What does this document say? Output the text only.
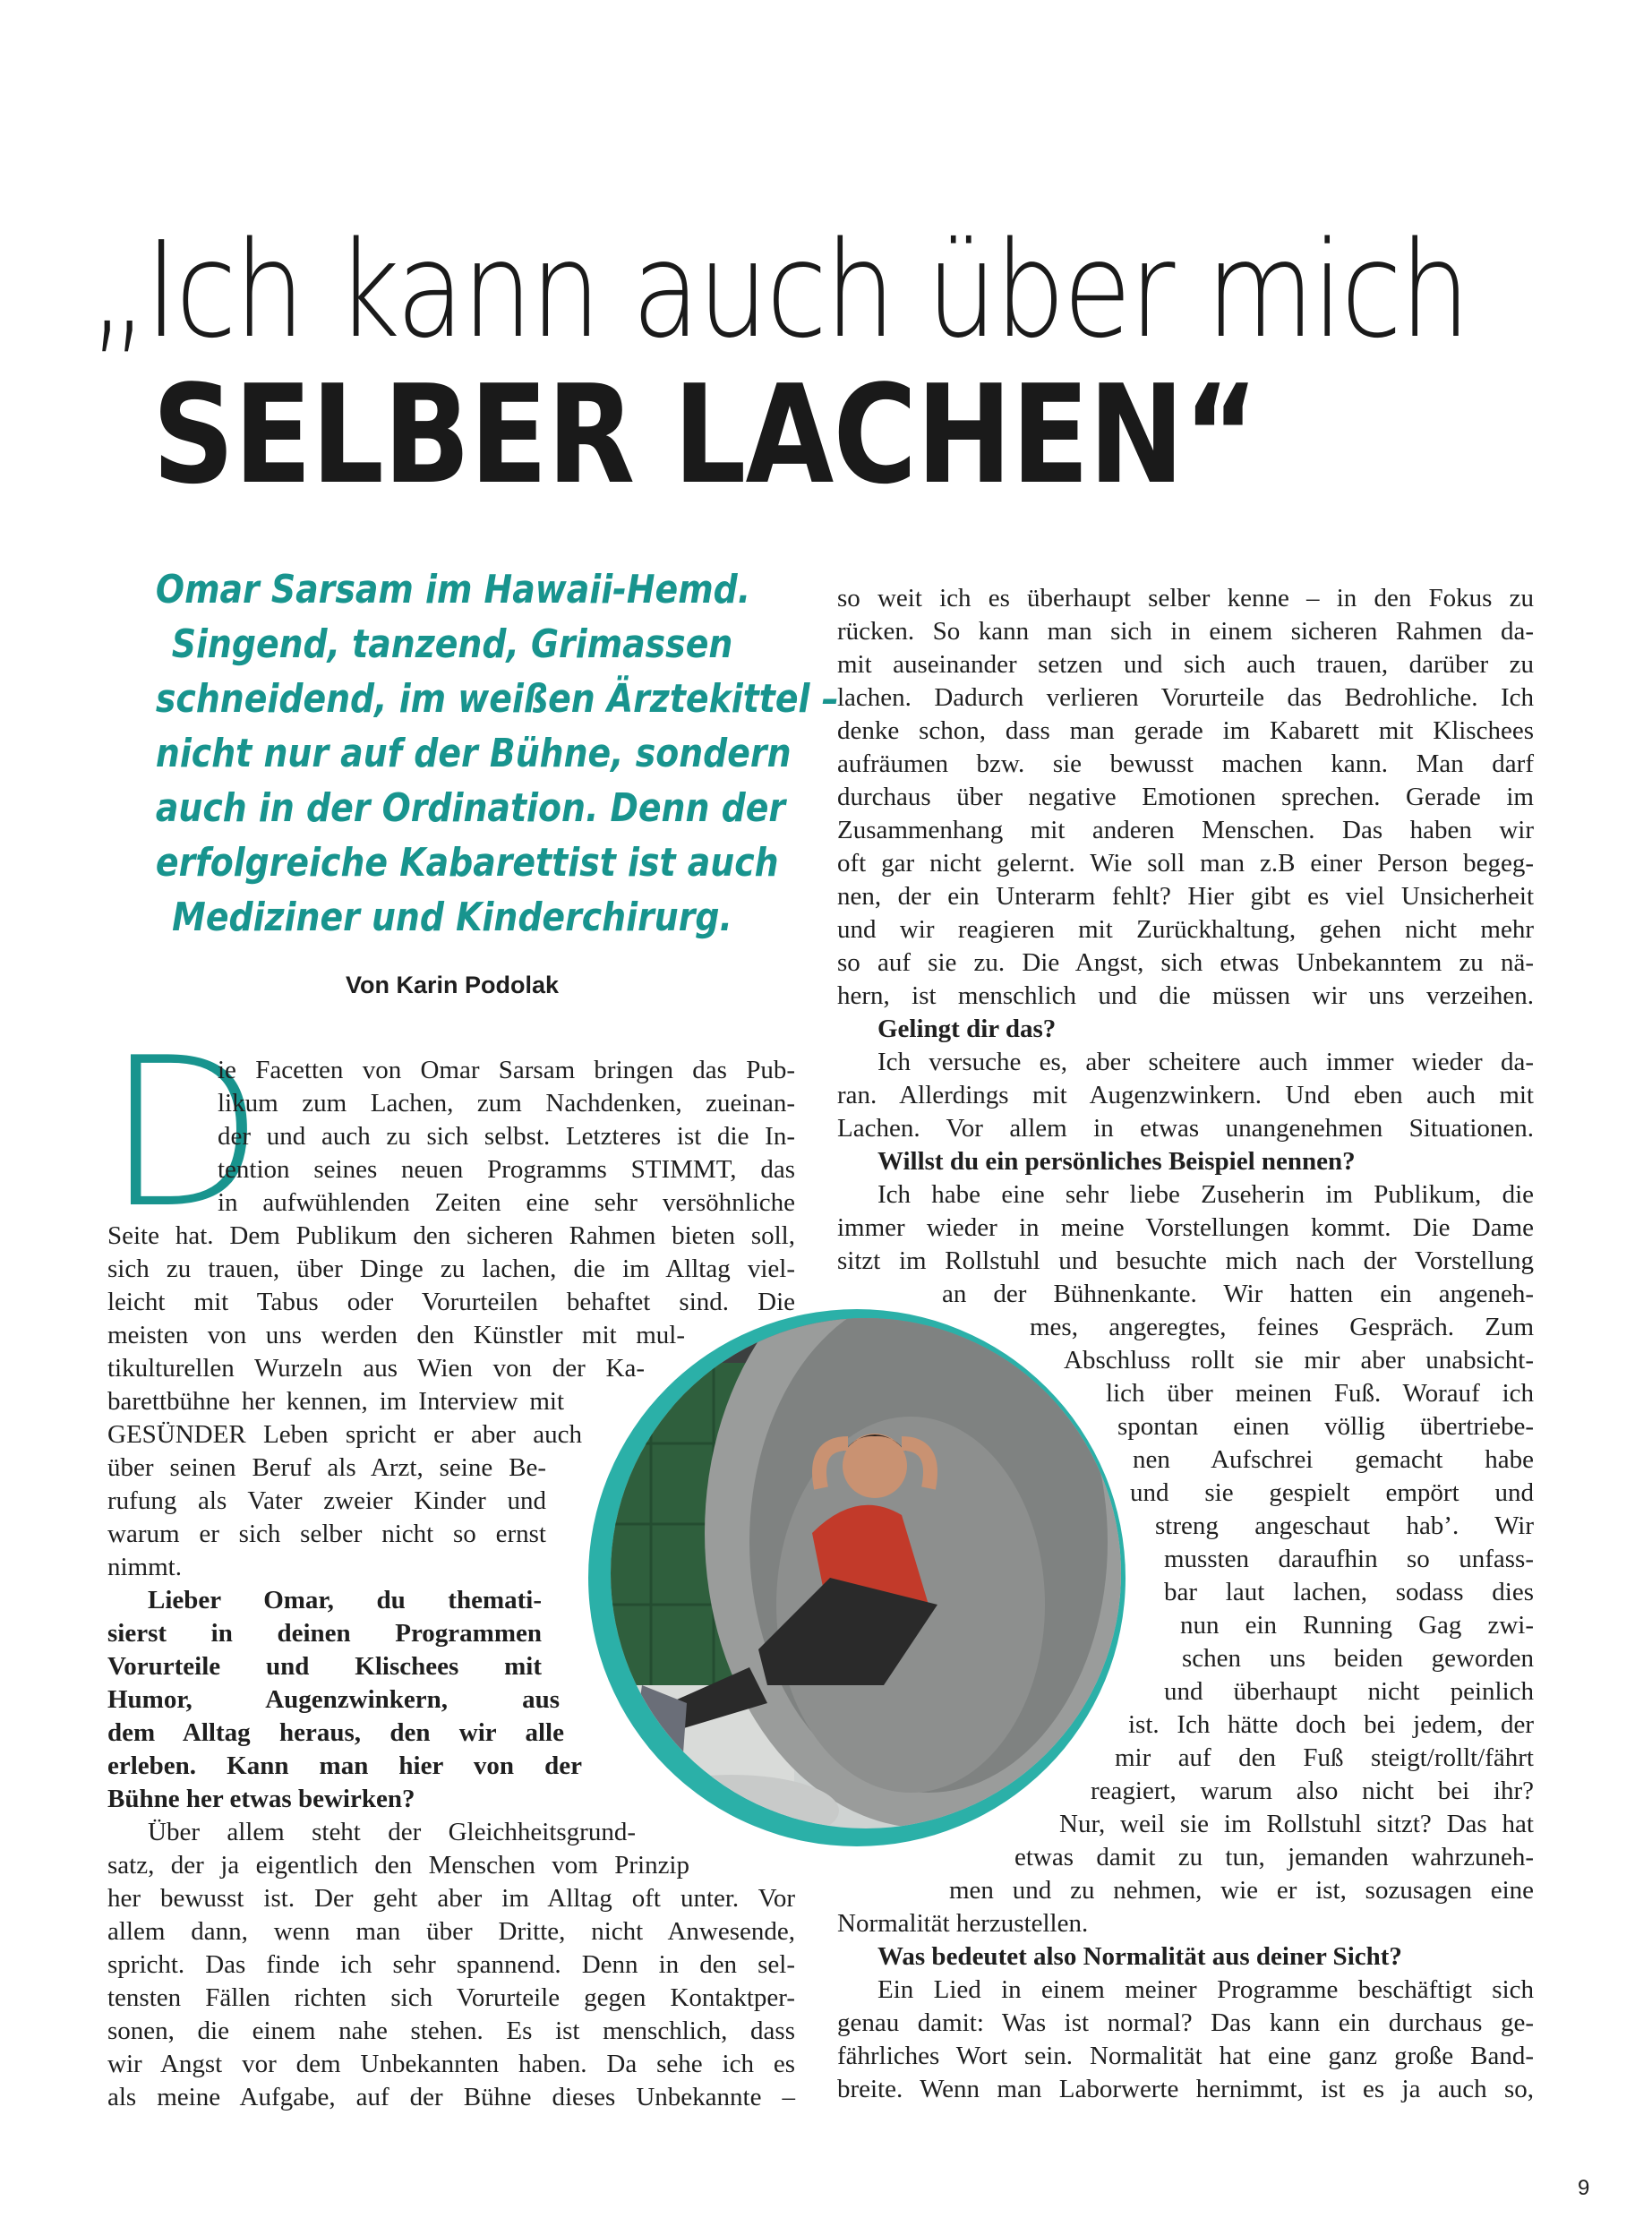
„Ich kann auch über mich
SELBER LACHEN“
Omar Sarsam im Hawaii-Hemd.
Singend, tanzend, Grimassen
schneidend, im weißen Ärztekittel –
nicht nur auf der Bühne, sondern
auch in der Ordination. Denn der
erfolgreiche Kabarettist ist auch
Mediziner und Kinderchirurg.
Von Karin Podolak
D
ie Facetten von Omar Sarsam bringen das Pub-
likum zum Lachen, zum Nachdenken, zueinan-
der und auch zu sich selbst. Letzteres ist die In-
tention seines neuen Programms STIMMT, das
in aufwühlenden Zeiten eine sehr versöhnliche
Seite hat. Dem Publikum den sicheren Rahmen bieten soll,
sich zu trauen, über Dinge zu lachen, die im Alltag viel-
leicht mit Tabus oder Vorurteilen behaftet sind. Die
meisten von uns werden den Künstler mit mul-
tikulturellen Wurzeln aus Wien von der Ka-
barettbühne her kennen, im Interview mit
GESÜNDER Leben spricht er aber auch
über seinen Beruf als Arzt, seine Be-
rufung als Vater zweier Kinder und
warum er sich selber nicht so ernst
nimmt.
Lieber Omar, du themati-
sierst in deinen Programmen
Vorurteile und Klischees mit
Humor, Augenzwinkern, aus
dem Alltag heraus, den wir alle
erleben. Kann man hier von der
Bühne her etwas bewirken?
Über allem steht der Gleichheitsgrund-
satz, der ja eigentlich den Menschen vom Prinzip
her bewusst ist. Der geht aber im Alltag oft unter. Vor
allem dann, wenn man über Dritte, nicht Anwesende,
spricht. Das finde ich sehr spannend. Denn in den sel-
tensten Fällen richten sich Vorurteile gegen Kontaktper-
sonen, die einem nahe stehen. Es ist menschlich, dass
wir Angst vor dem Unbekannten haben. Da sehe ich es
als meine Aufgabe, auf der Bühne dieses Unbekannte –
so weit ich es überhaupt selber kenne – in den Fokus zu
rücken. So kann man sich in einem sicheren Rahmen da-
mit auseinander setzen und sich auch trauen, darüber zu
lachen. Dadurch verlieren Vorurteile das Bedrohliche. Ich
denke schon, dass man gerade im Kabarett mit Klischees
aufräumen bzw. sie bewusst machen kann. Man darf
durchaus über negative Emotionen sprechen. Gerade im
Zusammenhang mit anderen Menschen. Das haben wir
oft gar nicht gelernt. Wie soll man z.B einer Person begeg-
nen, der ein Unterarm fehlt? Hier gibt es viel Unsicherheit
und wir reagieren mit Zurückhaltung, gehen nicht mehr
so auf sie zu. Die Angst, sich etwas Unbekanntem zu nä-
hern, ist menschlich und die müssen wir uns verzeihen.
Gelingt dir das?
Ich versuche es, aber scheitere auch immer wieder da-
ran. Allerdings mit Augenzwinkern. Und eben auch mit
Lachen. Vor allem in etwas unangenehmen Situationen.
Willst du ein persönliches Beispiel nennen?
Ich habe eine sehr liebe Zuseherin im Publikum, die
immer wieder in meine Vorstellungen kommt. Die Dame
sitzt im Rollstuhl und besuchte mich nach der Vorstellung
an der Bühnenkante. Wir hatten ein angeneh-
mes, angeregtes, feines Gespräch. Zum
Abschluss rollt sie mir aber unabsicht-
lich über meinen Fuß. Worauf ich
spontan einen völlig übertriebe-
nen Aufschrei gemacht habe
und sie gespielt empört und
streng angeschaut hab’. Wir
mussten daraufhin so unfass-
bar laut lachen, sodass dies
nun ein Running Gag zwi-
schen uns beiden geworden
und überhaupt nicht peinlich
ist. Ich hätte doch bei jedem, der
mir auf den Fuß steigt/rollt/fährt
reagiert, warum also nicht bei ihr?
Nur, weil sie im Rollstuhl sitzt? Das hat
etwas damit zu tun, jemanden wahrzuneh-
men und zu nehmen, wie er ist, sozusagen eine
Normalität herzustellen.
Was bedeutet also Normalität aus deiner Sicht?
Ein Lied in einem meiner Programme beschäftigt sich
genau damit: Was ist normal? Das kann ein durchaus ge-
fährliches Wort sein. Normalität hat eine ganz große Band-
breite. Wenn man Laborwerte hernimmt, ist es ja auch so,
9
